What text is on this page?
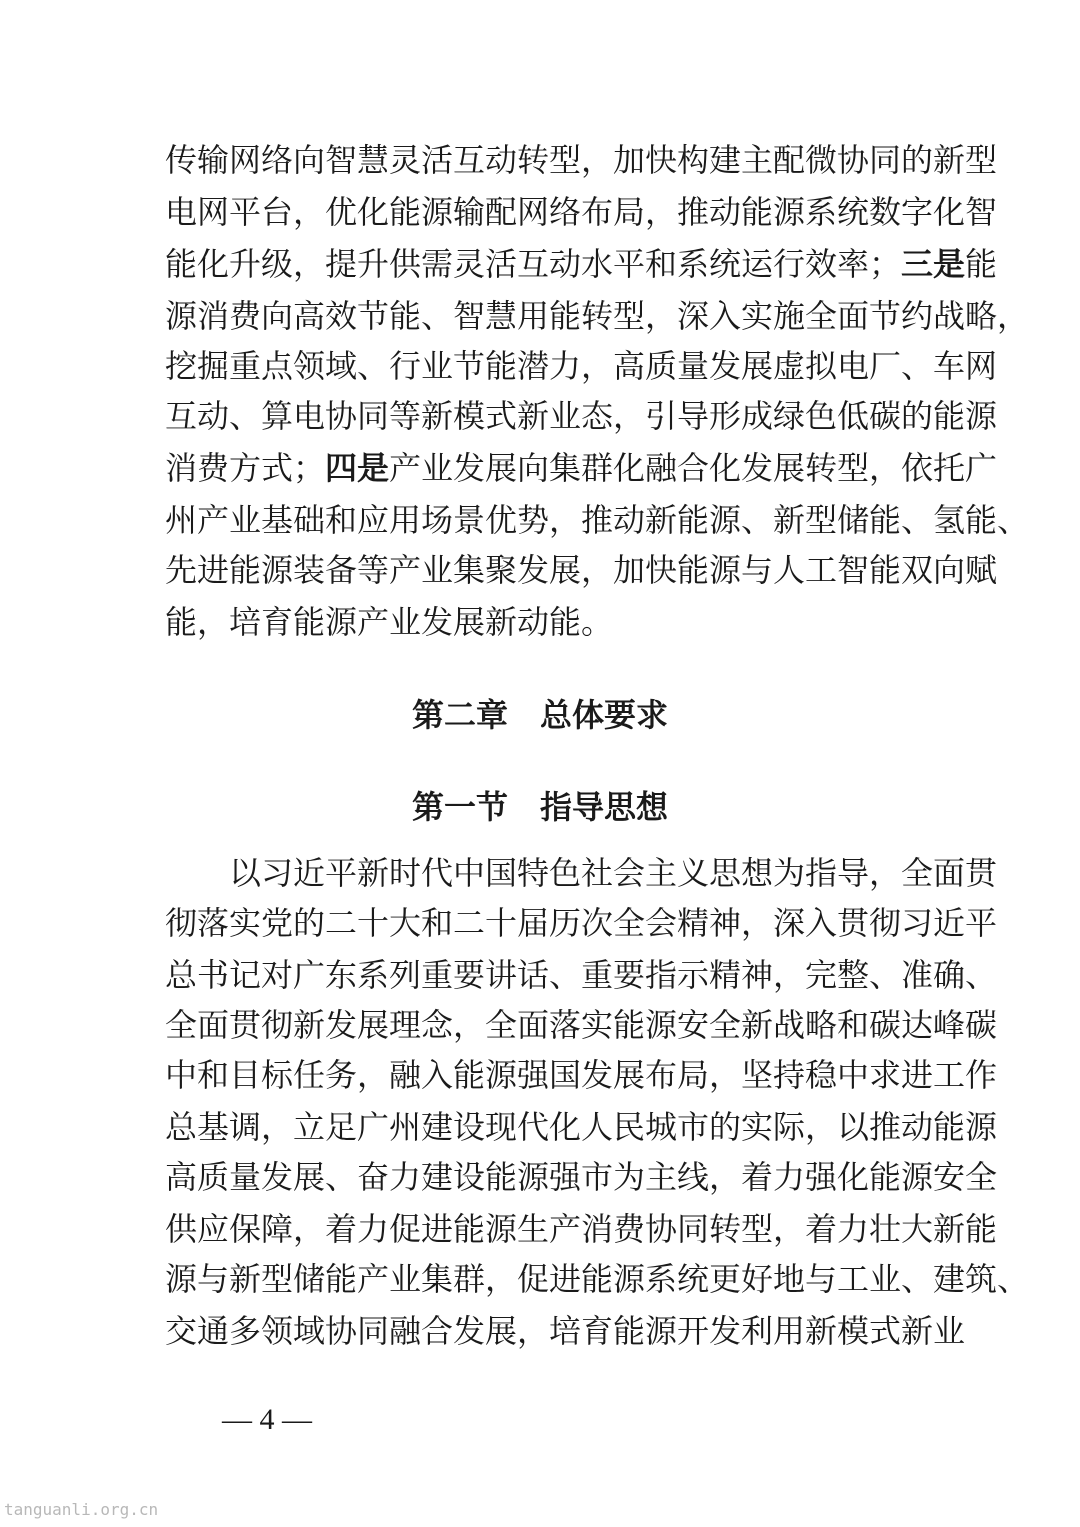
传输网络向智慧灵活互动转型，加快构建主配微协同的新型
电网平台，优化能源输配网络布局，推动能源系统数字化智
能化升级，提升供需灵活互动水平和系统运行效率；三是能
源消费向高效节能、智慧用能转型，深入实施全面节约战略，
挖掘重点领域、行业节能潜力，高质量发展虚拟电厂、车网
互动、算电协同等新模式新业态，引导形成绿色低碳的能源
消费方式；四是产业发展向集群化融合化发展转型，依托广
州产业基础和应用场景优势，推动新能源、新型储能、氢能、
先进能源装备等产业集聚发展，加快能源与人工智能双向赋
能，培育能源产业发展新动能。
第二章　总体要求
第一节　指导思想
以习近平新时代中国特色社会主义思想为指导，全面贯
彻落实党的二十大和二十届历次全会精神，深入贯彻习近平
总书记对广东系列重要讲话、重要指示精神，完整、准确、
全面贯彻新发展理念，全面落实能源安全新战略和碳达峰碳
中和目标任务，融入能源强国发展布局，坚持稳中求进工作
总基调，立足广州建设现代化人民城市的实际，以推动能源
高质量发展、奋力建设能源强市为主线，着力强化能源安全
供应保障，着力促进能源生产消费协同转型，着力壮大新能
源与新型储能产业集群，促进能源系统更好地与工业、建筑、
交通多领域协同融合发展，培育能源开发利用新模式新业
— 4 —
tanguanli.org.cn
